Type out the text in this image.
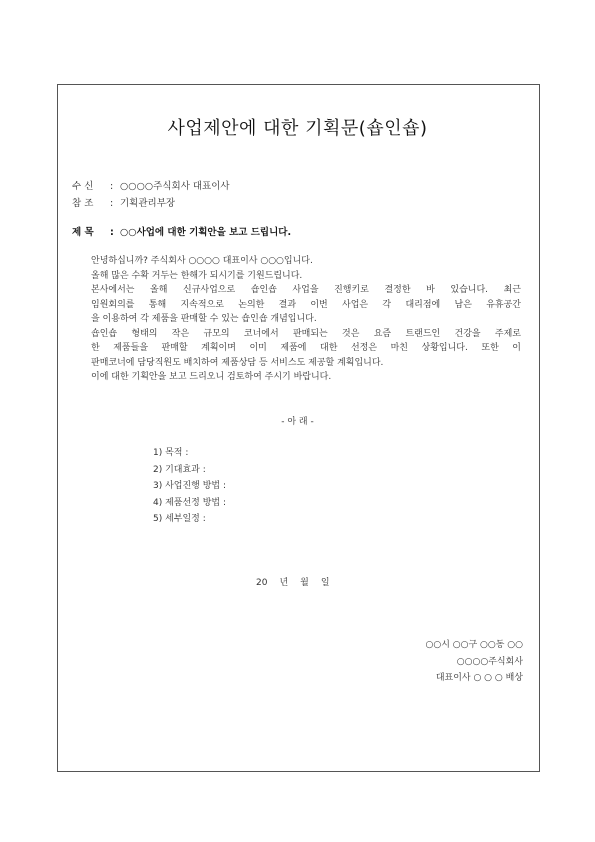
사업제안에 대한 기획문(숍인숍)
수 신 : ○○○○주식회사 대표이사
참 조 : 기획관리부장
제 목 : ○○사업에 대한 기획안을 보고 드립니다.

안녕하십니까? 주식회사 ○○○○ 대표이사 ○○○입니다.

올해 많은 수확 거두는 한해가 되시기를 기원드립니다.

본사에서는 올해 신규사업으로 숍인숍 사업을 진행키로 결정한 바 있습니다. 최근

임원회의를 통해 지속적으로 논의한 결과 이번 사업은 각 대리점에 남은 유휴공간

을 이용하여 각 제품을 판매할 수 있는 숍인숍 개념입니다.

숍인숍 형태의 작은 규모의 코너에서 판매되는 것은 요즘 트랜드인 건강을 주제로

한 제품들을 판매할 계획이며 이미 제품에 대한 선정은 마친 상황입니다. 또한 이

판매코너에 담당직원도 배치하여 제품상담 등 서비스도 제공할 계획입니다.

이에 대한 기획안을 보고 드리오니 검토하여 주시기 바랍니다.

- 아 래 -
1) 목적 :
2) 기대효과 :
3) 사업진행 방법 :
4) 제품선정 방법 :
5) 세부일정 :
20 년 월 일
○○시 ○○구 ○○동 ○○
○○○○주식회사
대표이사 ○ ○ ○ 배상
